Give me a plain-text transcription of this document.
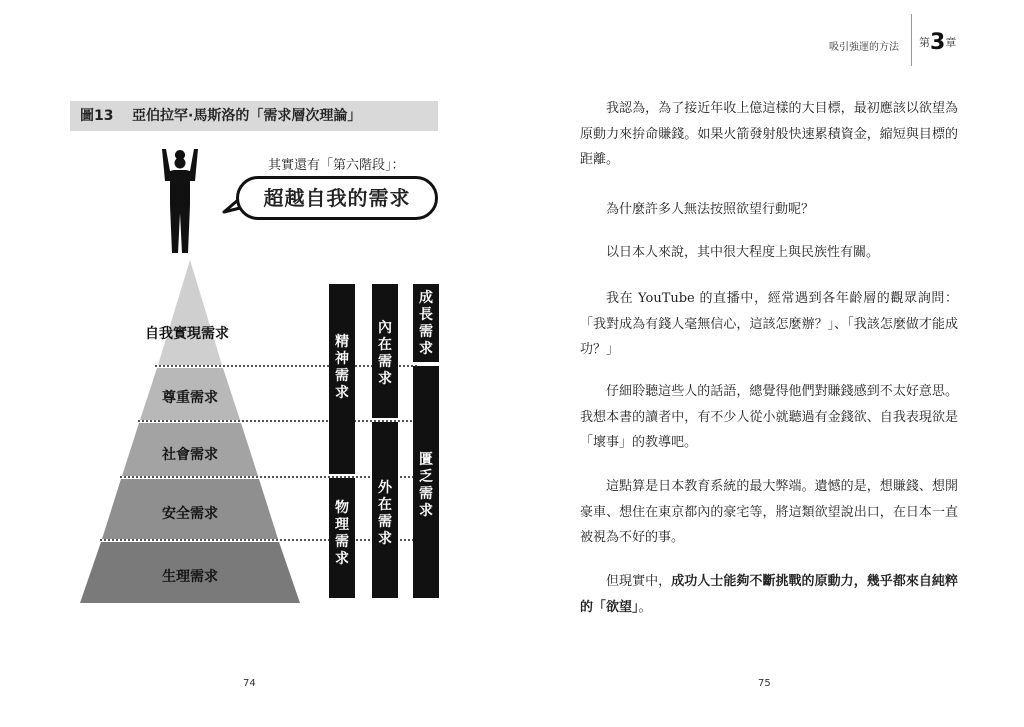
圖13 亞伯拉罕·馬斯洛的「需求層次理論」
其實還有「第六階段」：
超越自我的需求
自我實現需求
尊重需求
社會需求
安全需求
生理需求
精神需求
物理需求
內在需求
外在需求
成長需求
匱乏需求
74
吸引強運的方法 第3章
我認為，為了接近年收上億這樣的大目標，最初應該以欲望為原動力來拚命賺錢。如果火箭發射般快速累積資金，縮短與目標的距離。
為什麼許多人無法按照欲望行動呢？
以日本人來說，其中很大程度上與民族性有關。
我在 YouTube 的直播中，經常遇到各年齡層的觀眾詢問：「我對成為有錢人毫無信心，這該怎麼辦？」、「我該怎麼做才能成功？」
仔細聆聽這些人的話語，總覺得他們對賺錢感到不太好意思。我想本書的讀者中，有不少人從小就聽過有金錢欲、自我表現欲是「壞事」的教導吧。
這點算是日本教育系統的最大弊端。遺憾的是，想賺錢、想開豪車、想住在東京都內的豪宅等，將這類欲望說出口，在日本一直被視為不好的事。
但現實中，成功人士能夠不斷挑戰的原動力，幾乎都來自純粹的「欲望」。
75
